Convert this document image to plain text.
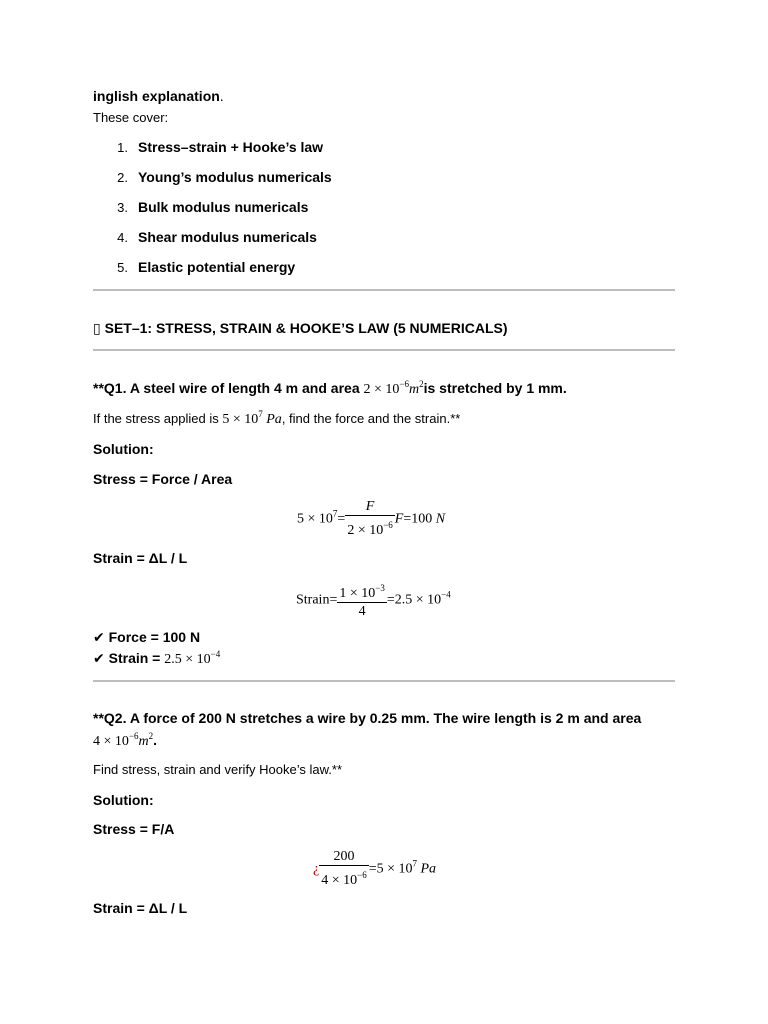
inglish explanation.
These cover:
1. Stress–strain + Hooke’s law
2. Young’s modulus numericals
3. Bulk modulus numericals
4. Shear modulus numericals
5. Elastic potential energy
▯ SET–1: STRESS, STRAIN & HOOKE’S LAW (5 NUMERICALS)
**Q1. A steel wire of length 4 m and area $2 \times 10^{-6}m^2is$ stretched by 1 mm.
If the stress applied is $5 \times 10^7$ Pa, find the force and the strain.**
Solution:
Stress = Force / Area
$5 \times 10^7= \frac{F}{2 \times 10^{-6}} F=100$ N
Strain = ΔL / L
Strain= $\frac{1 \times 10^{-3}}{4} =2.5 \times 10^{-4}$
✔ Force = 100 N
✔ Strain = $2.5 \times 10^{-4}$
**Q2. A force of 200 N stretches a wire by 0.25 mm. The wire length is 2 m and area
$4 \times 10^{-6}m^2$.
Find stress, strain and verify Hooke’s law.**
Solution:
Stress = F/A
¿ $\frac{200}{4 \times 10^{-6}} =5 \times 10^7$ Pa
Strain = ΔL / L
